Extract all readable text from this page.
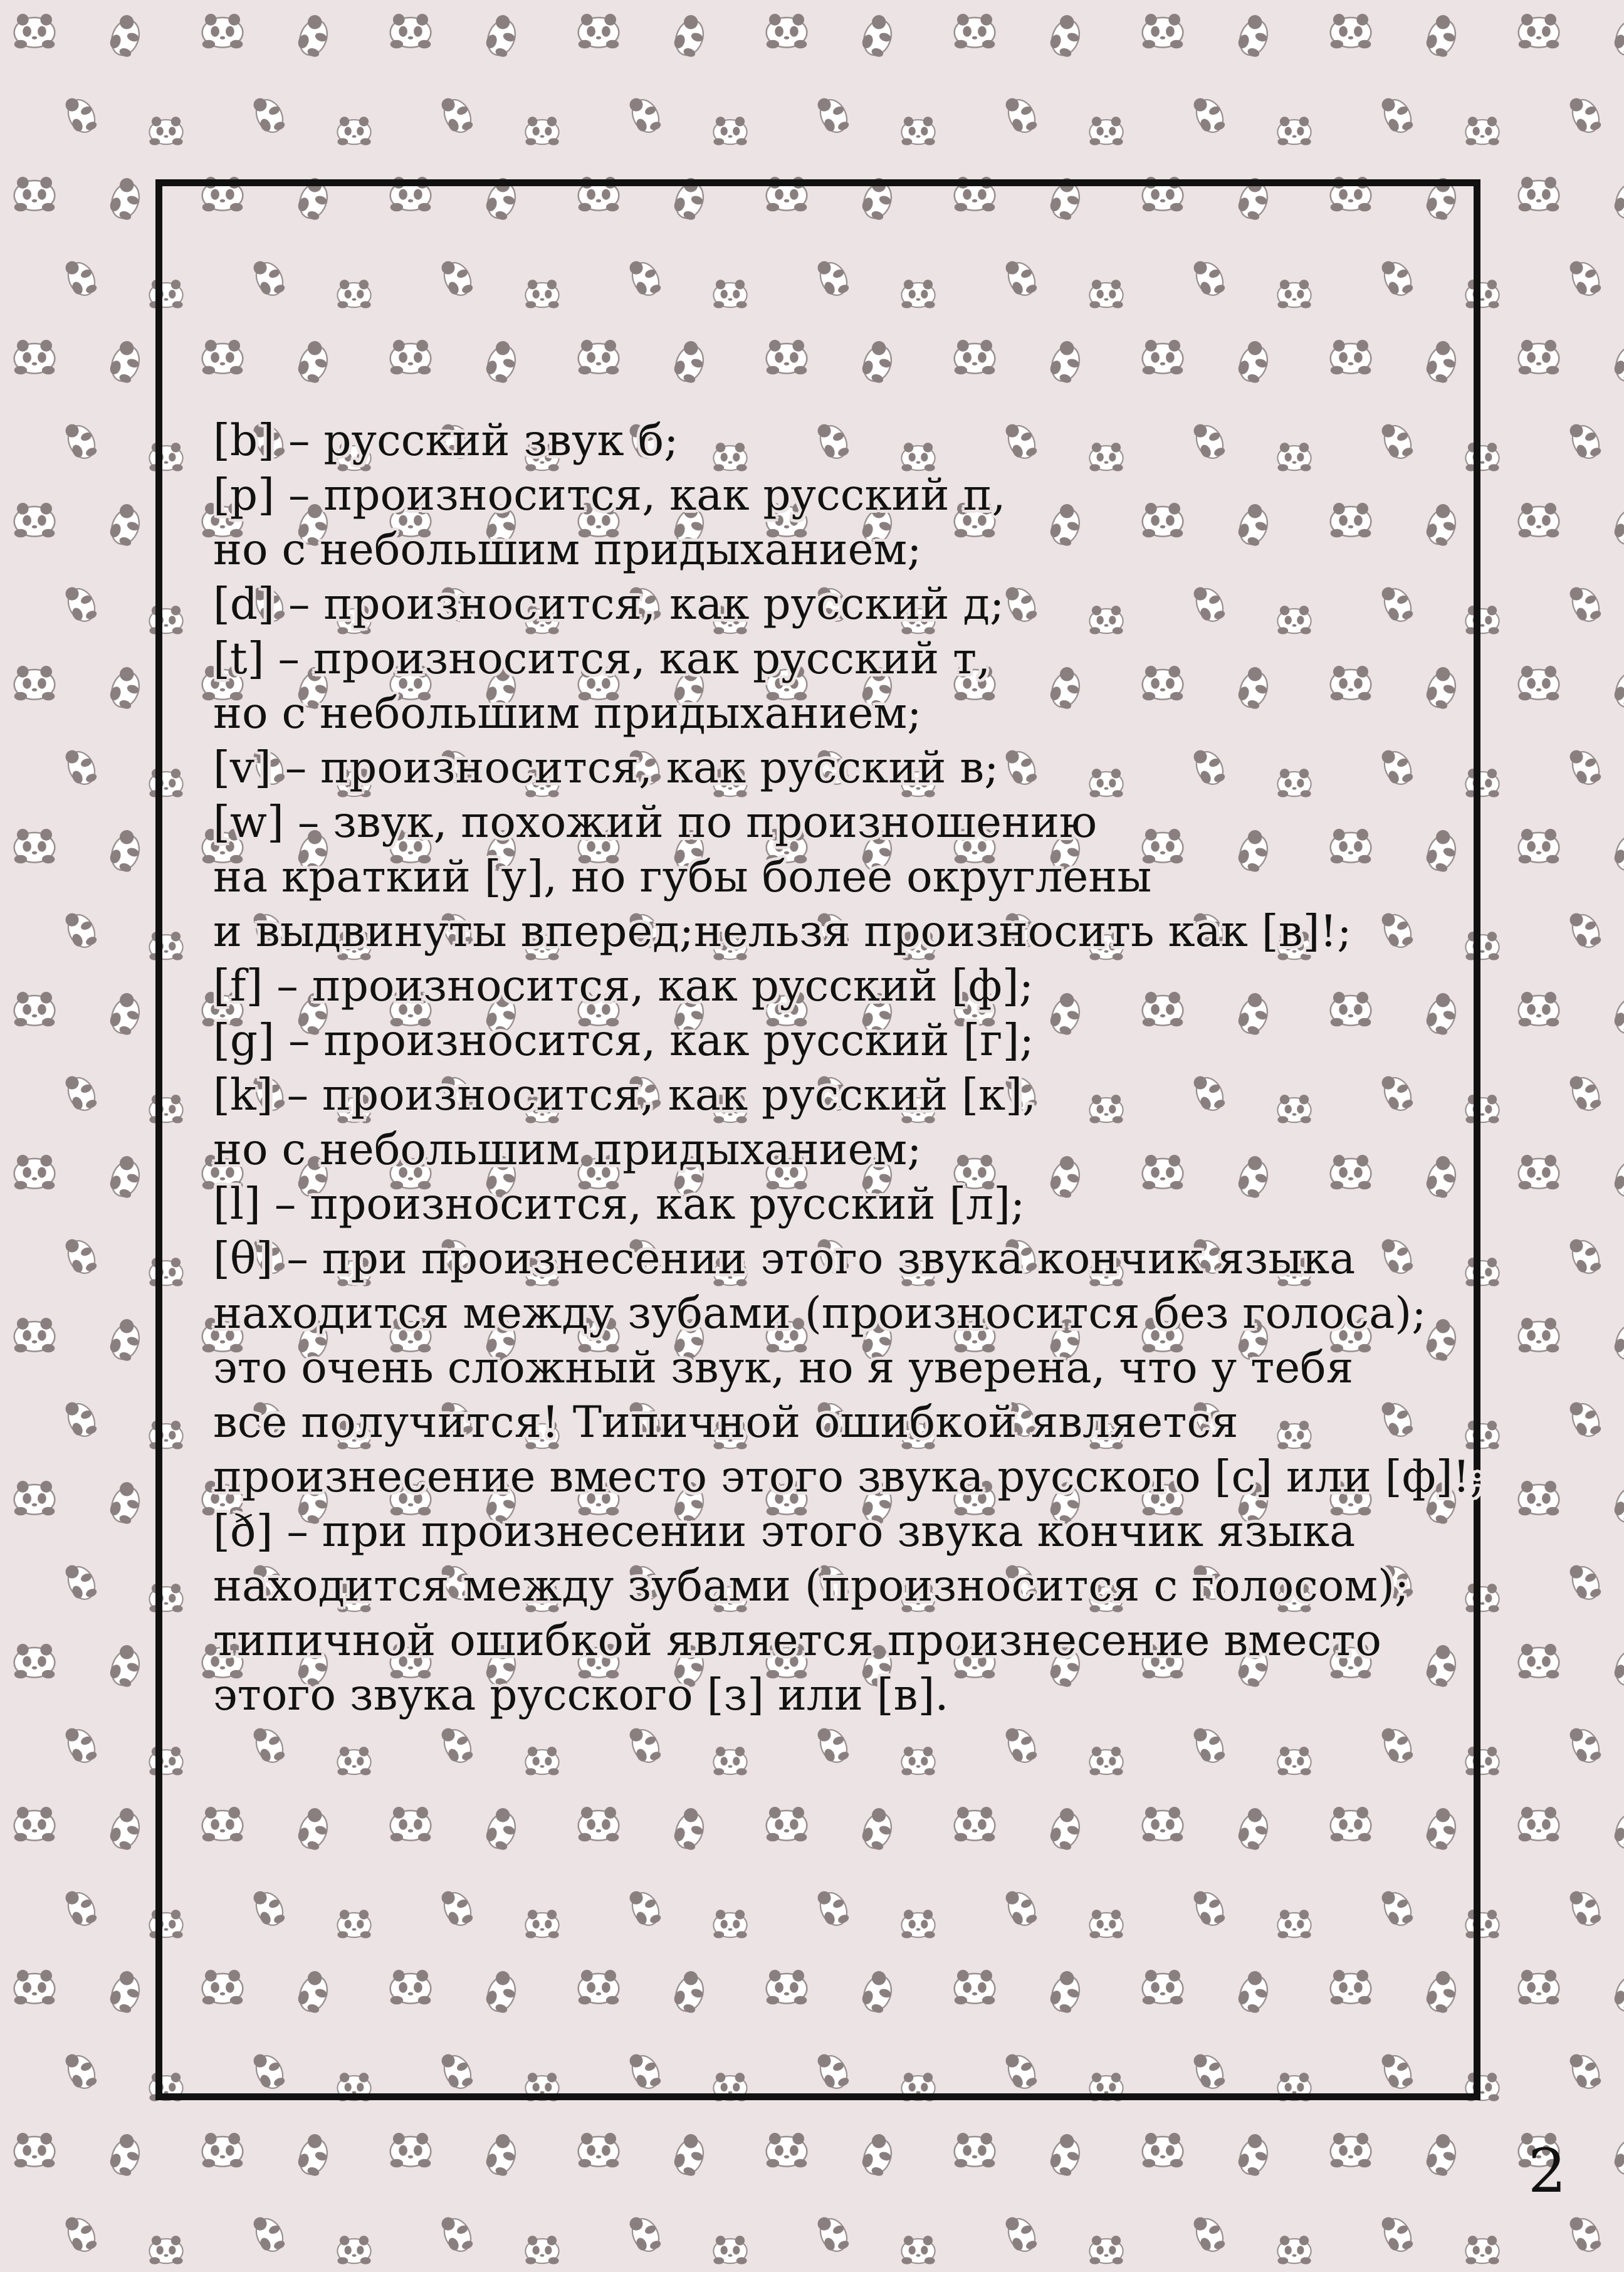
[b] – русский звук б;
[p] – произносится, как русский п,
но с небольшим придыханием;
[d] – произносится, как русский д;
[t] – произносится, как русский т,
но с небольшим придыханием;
[v] – произносится, как русский в;
[w] – звук, похожий по произношению
на краткий [у], но губы более округлены
и выдвинуты вперед;нельзя произносить как [в]!;
[f] – произносится, как русский [ф];
[g] – произносится, как русский [г];
[k] – произносится, как русский [к],
но с небольшим придыханием;
[l] – произносится, как русский [л];
[θ] – при произнесении этого звука кончик языка
находится между зубами (произносится без голоса);
это очень сложный звук, но я уверена, что у тебя
все получится! Типичной ошибкой является
произнесение вместо этого звука русского [с] или [ф]!;
[ð] – при произнесении этого звука кончик языка
находится между зубами (произносится с голосом);
типичной ошибкой является произнесение вместо
этого звука русского [з] или [в].
2
